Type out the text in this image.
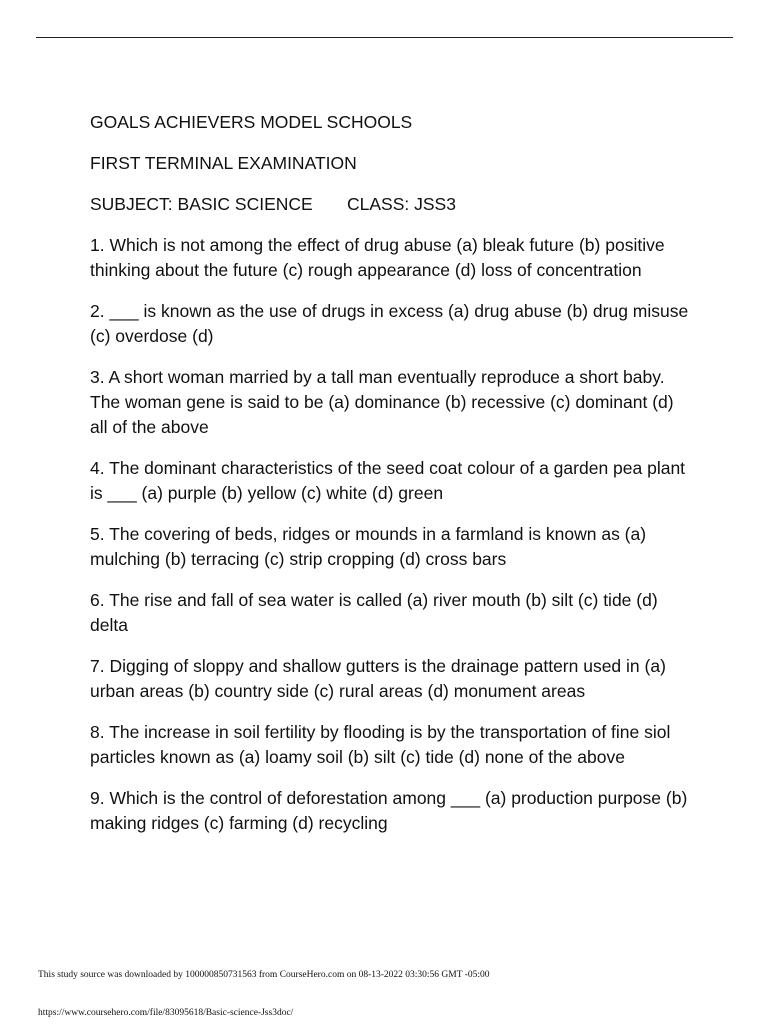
GOALS ACHIEVERS MODEL SCHOOLS
FIRST TERMINAL EXAMINATION
SUBJECT: BASIC SCIENCE	CLASS: JSS3
1. Which is not among the effect of drug abuse (a) bleak future (b) positive thinking about the future (c) rough appearance (d) loss of concentration
2. ___ is known as the use of drugs in excess (a) drug abuse (b) drug misuse (c) overdose (d)
3. A short woman married by a tall man eventually reproduce a short baby. The woman gene is said to be (a) dominance (b) recessive (c) dominant (d) all of the above
4. The dominant characteristics of the seed coat colour of a garden pea plant is ___ (a) purple (b) yellow (c) white (d) green
5. The covering of beds, ridges or mounds in a farmland is known as (a) mulching (b) terracing (c) strip cropping (d) cross bars
6. The rise and fall of sea water is called (a) river mouth (b) silt (c) tide (d) delta
7. Digging of sloppy and shallow gutters is the drainage pattern used in (a) urban areas (b) country side (c) rural areas (d) monument areas
8. The increase in soil fertility by flooding is by the transportation of fine siol particles known as (a) loamy soil (b) silt (c) tide (d) none of the above
9. Which is the control of deforestation among ___ (a) production purpose (b) making ridges (c) farming (d) recycling
This study source was downloaded by 100000850731563 from CourseHero.com on 08-13-2022 03:30:56 GMT -05:00
https://www.coursehero.com/file/83095618/Basic-science-Jss3doc/
